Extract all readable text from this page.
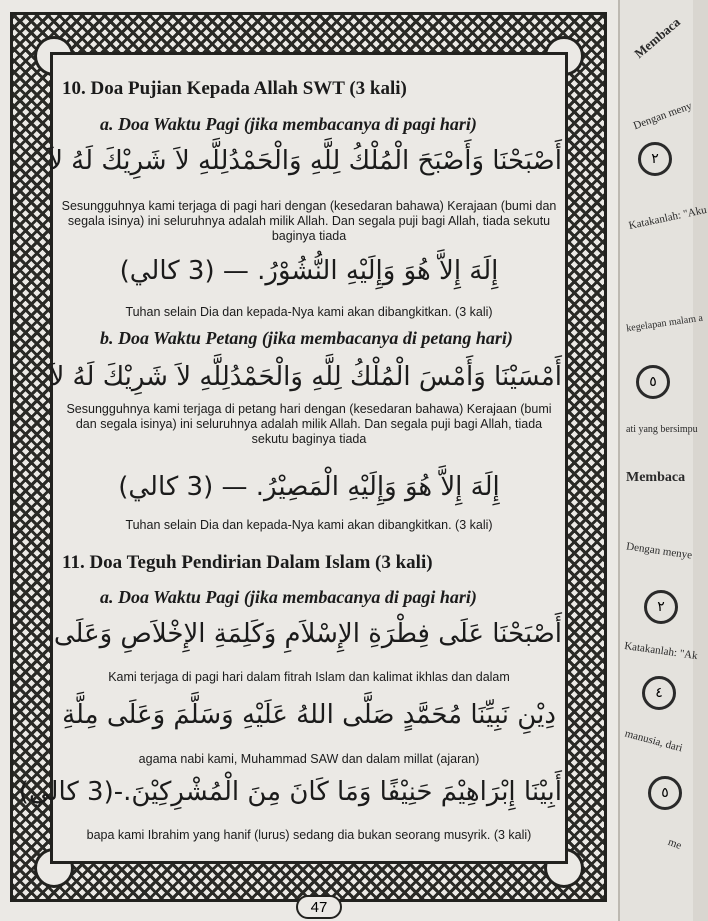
10. Doa Pujian Kepada Allah SWT (3 kali)
a. Doa Waktu Pagi (jika membacanya di pagi hari)
أَصْبَحْنَا وَأَصْبَحَ الْمُلْكُ لِلَّهِ وَالْحَمْدُلِلَّهِ لاَ شَرِيْكَ لَهُ لاَ
Sesungguhnya kami terjaga di pagi hari dengan (kesedaran bahawa) Kerajaan (bumi dan segala isinya) ini seluruhnya adalah milik Allah. Dan segala puji bagi Allah, tiada sekutu baginya tiada
إِلَهَ إِلاَّ هُوَ وَإِلَيْهِ النُّشُوْرُ. — (3 كالي)
Tuhan selain Dia dan kepada-Nya kami akan dibangkitkan. (3 kali)
b. Doa Waktu Petang (jika membacanya di petang hari)
أَمْسَيْنَا وَأَمْسَ الْمُلْكُ لِلَّهِ وَالْحَمْدُلِلَّهِ لاَ شَرِيْكَ لَهُ لاَ
Sesungguhnya kami terjaga di petang hari dengan (kesedaran bahawa) Kerajaan (bumi dan segala isinya) ini seluruhnya adalah milik Allah. Dan segala puji bagi Allah, tiada sekutu baginya tiada
إِلَهَ إِلاَّ هُوَ وَإِلَيْهِ الْمَصِيْرُ. — (3 كالي)
Tuhan selain Dia dan kepada-Nya kami akan dibangkitkan. (3 kali)
11. Doa Teguh Pendirian Dalam Islam (3 kali)
a. Doa Waktu Pagi (jika membacanya di pagi hari)
أَصْبَحْنَا عَلَى فِطْرَةِ الإِسْلاَمِ وَكَلِمَةِ الإِخْلاَصِ وَعَلَى
Kami terjaga di pagi hari dalam fitrah Islam dan kalimat ikhlas dan dalam
دِيْنِ نَبِيِّنَا مُحَمَّدٍ صَلَّى اللهُ عَلَيْهِ وَسَلَّمَ وَعَلَى مِلَّةِ
agama nabi kami, Muhammad SAW dan dalam millat (ajaran)
أَبِيْنَا إِبْرَاهِيْمَ حَنِيْفًا وَمَا كَانَ مِنَ الْمُشْرِكِيْنَ.-(3 كالي)
bapa kami Ibrahim yang hanif (lurus) sedang dia bukan seorang musyrik. (3 kali)
47
Membaca
Dengan meny
٢
Katakanlah: "Aku
kegelapan malam a
٥
ati yang bersimpu
Membaca
Dengan menye
٢
Katakanlah: "Ak
٤
manusia, dari
٥
me
